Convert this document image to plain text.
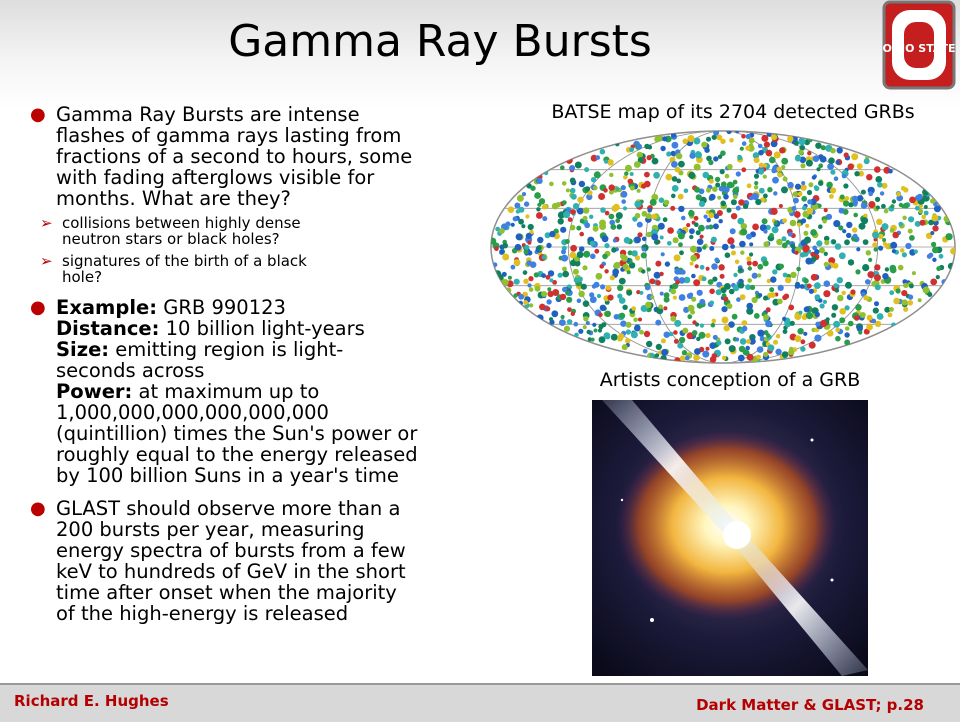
Gamma Ray Bursts	OHIO STATE
● Gamma Ray Bursts are intense
flashes of gamma rays lasting from
fractions of a second to hours, some
with fading afterglows visible for
months. What are they?
➢ collisions between highly dense
neutron stars or black holes?
➢ signatures of the birth of a black
hole?
● Example: GRB 990123
Distance: 10 billion light-years
Size: emitting region is light-
seconds across
Power: at maximum up to
1,000,000,000,000,000,000
(quintillion) times the Sun's power or
roughly equal to the energy released
by 100 billion Suns in a year's time
● GLAST should observe more than a
200 bursts per year, measuring
energy spectra of bursts from a few
keV to hundreds of GeV in the short
time after onset when the majority
of the high-energy is released
BATSE map of its 2704 detected GRBs
Artists conception of a GRB
Richard E. Hughes	Dark Matter & GLAST; p.28
